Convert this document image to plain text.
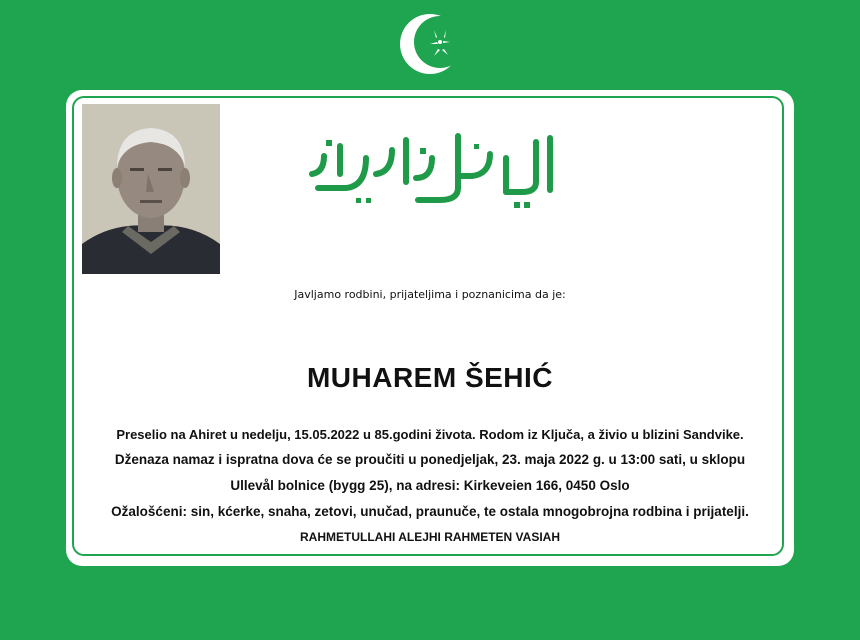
Javljamo rodbini, prijateljima i poznanicima da je:
MUHAREM ŠEHIĆ
Preselio na Ahiret u nedelju, 15.05.2022 u 85.godini života. Rodom iz Ključa, a živio u blizini Sandvike.
Dženaza namaz i ispratna dova će se proučiti u ponedjeljak, 23. maja 2022 g. u 13:00 sati, u sklopu
Ullevål bolnice (bygg 25), na adresi: Kirkeveien 166, 0450 Oslo
Ožalošćeni: sin, kćerke, snaha, zetovi, unučad, praunuče, te ostala mnogobrojna rodbina i prijatelji.
RAHMETULLAHI ALEJHI RAHMETEN VASIAH
